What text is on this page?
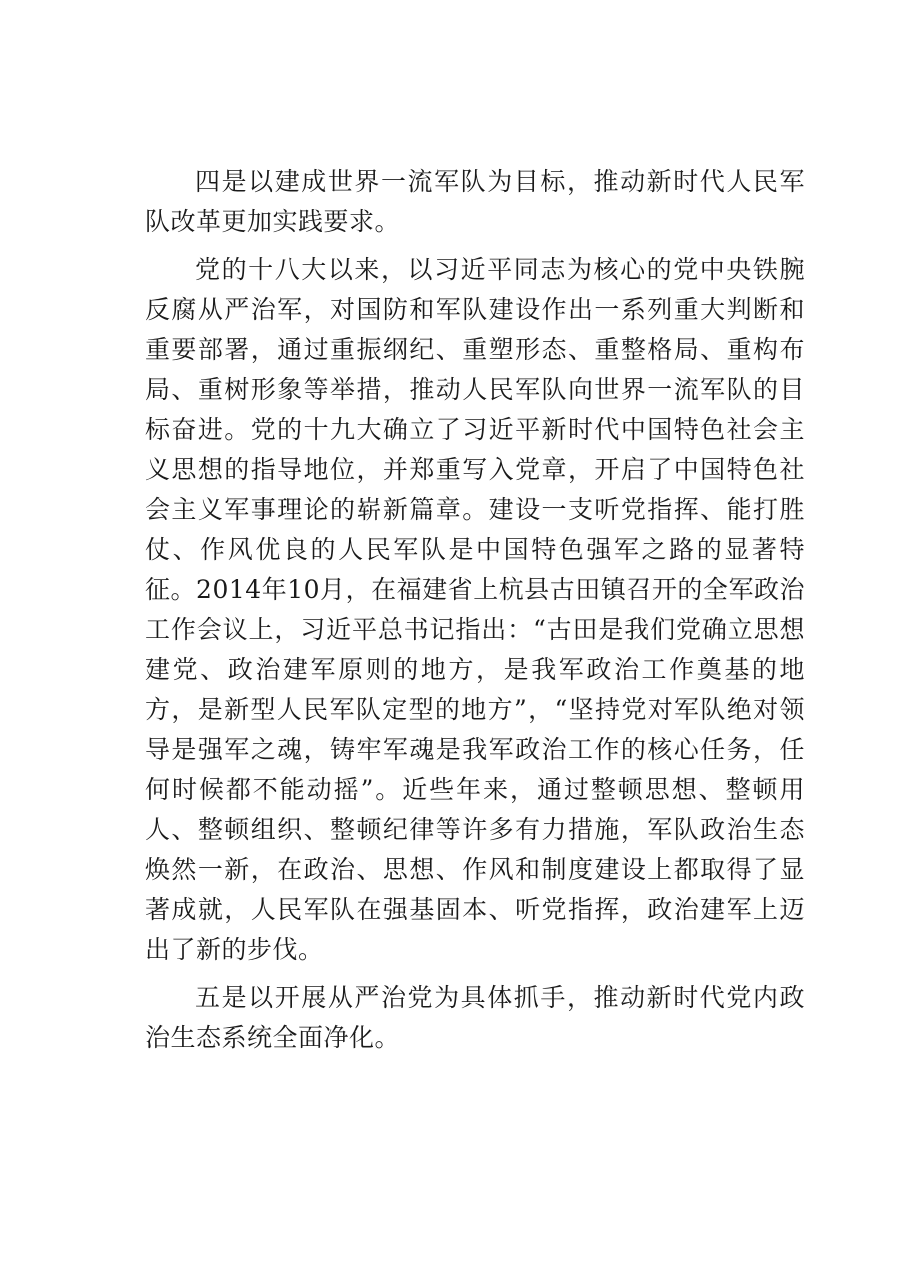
四是以建成世界一流军队为目标，推动新时代人民军队改革更加实践要求。

党的十八大以来，以习近平同志为核心的党中央铁腕反腐从严治军，对国防和军队建设作出一系列重大判断和重要部署，通过重振纲纪、重塑形态、重整格局、重构布局、重树形象等举措，推动人民军队向世界一流军队的目标奋进。党的十九大确立了习近平新时代中国特色社会主义思想的指导地位，并郑重写入党章，开启了中国特色社会主义军事理论的崭新篇章。建设一支听党指挥、能打胜仗、作风优良的人民军队是中国特色强军之路的显著特征。2014年10月，在福建省上杭县古田镇召开的全军政治工作会议上，习近平总书记指出：“古田是我们党确立思想建党、政治建军原则的地方，是我军政治工作奠基的地方，是新型人民军队定型的地方”，“坚持党对军队绝对领导是强军之魂，铸牢军魂是我军政治工作的核心任务，任何时候都不能动摇”。近些年来，通过整顿思想、整顿用人、整顿组织、整顿纪律等许多有力措施，军队政治生态焕然一新，在政治、思想、作风和制度建设上都取得了显著成就，人民军队在强基固本、听党指挥，政治建军上迈出了新的步伐。

五是以开展从严治党为具体抓手，推动新时代党内政治生态系统全面净化。
